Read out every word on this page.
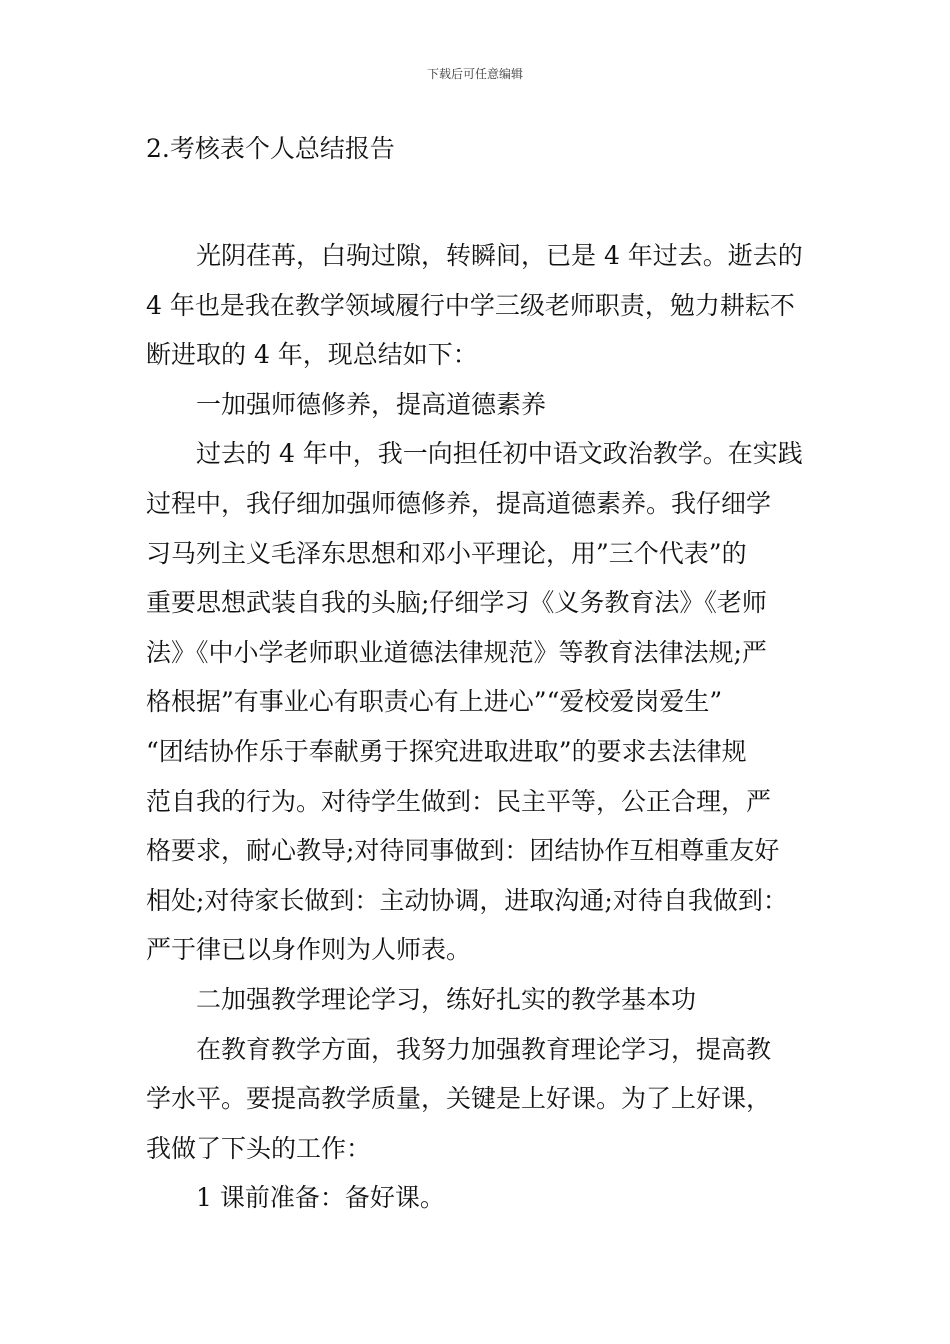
下载后可任意编辑
2.考核表个人总结报告

光阴荏苒，白驹过隙，转瞬间，已是 4 年过去。逝去的
4 年也是我在教学领域履行中学三级老师职责，勉力耕耘不
断进取的 4 年，现总结如下：

一加强师德修养，提高道德素养

过去的 4 年中，我一向担任初中语文政治教学。在实践
过程中，我仔细加强师德修养，提高道德素养。我仔细学
习马列主义毛泽东思想和邓小平理论，用”三个代表”的
重要思想武装自我的头脑;仔细学习《义务教育法》《老师
法》《中小学老师职业道德法律规范》等教育法律法规;严
格根据”有事业心有职责心有上进心”“爱校爱岗爱生”
“团结协作乐于奉献勇于探究进取进取”的要求去法律规
范自我的行为。对待学生做到：民主平等，公正合理，严
格要求，耐心教导;对待同事做到：团结协作互相尊重友好
相处;对待家长做到：主动协调，进取沟通;对待自我做到：
严于律已以身作则为人师表。

二加强教学理论学习，练好扎实的教学基本功

在教育教学方面，我努力加强教育理论学习，提高教
学水平。要提高教学质量，关键是上好课。为了上好课，
我做了下头的工作：

1 课前准备：备好课。
